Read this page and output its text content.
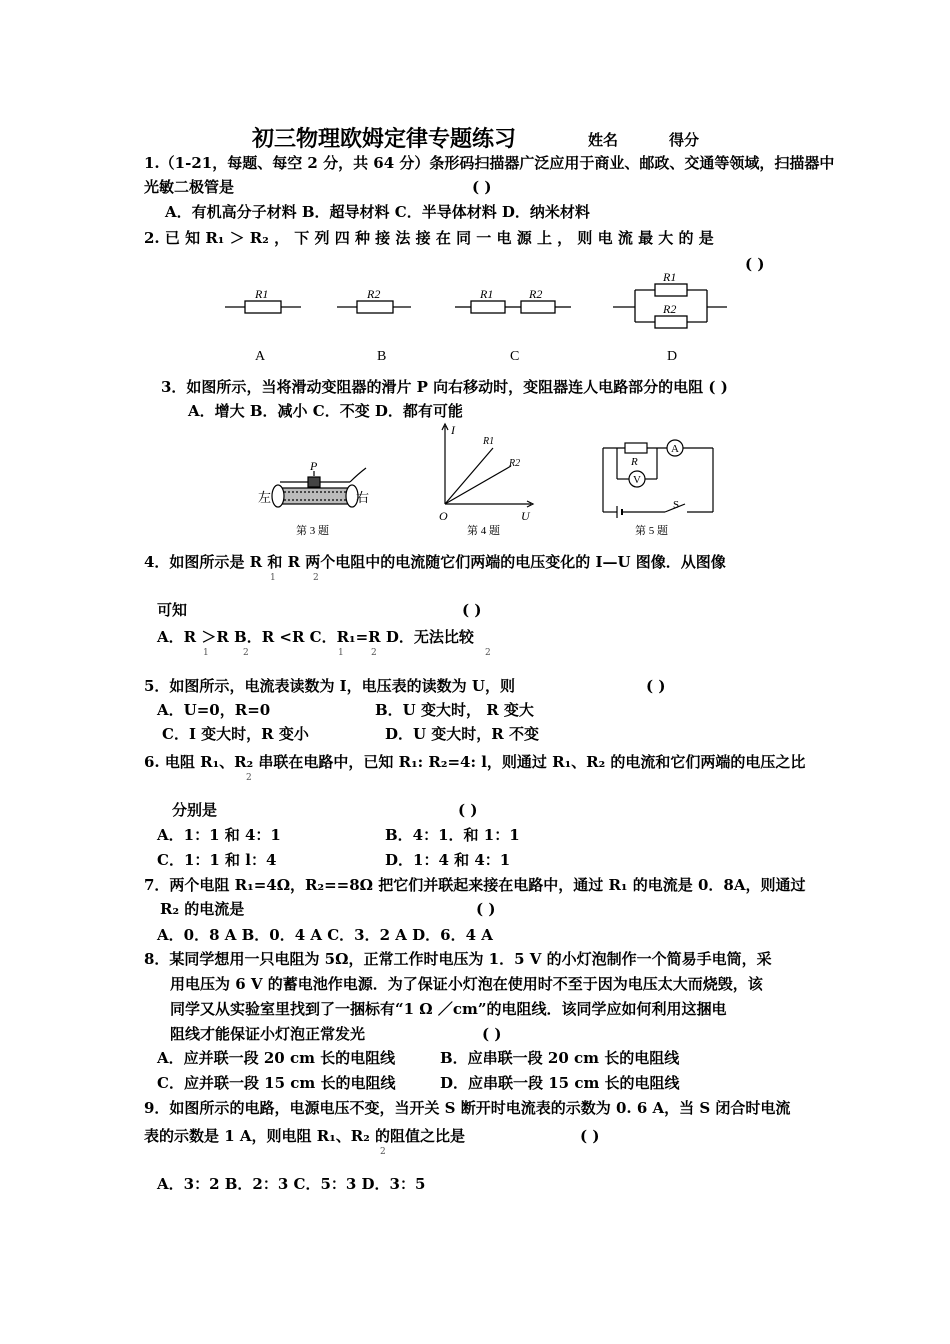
初三物理欧姆定律专题练习	姓名	得分
1.（1-21，每题、每空 2 分，共 64 分）条形码扫描器广泛应用于商业、邮政、交通等领域，扫描器中
光敏二极管是	( )
A．有机高分子材料 B．超导材料 C．半导体材料 D．纳米材料
2. 已 知 R₁ ＞ R₂ ， 下 列 四 种 接 法 接 在 同 一 电 源 上 ， 则 电 流 最 大 的 是
( )
R1	R2	R1	R2
R1
R2
A	B	C	D
3．如图所示，当将滑动变阻器的滑片 P 向右移动时，变阻器连人电路部分的电阻 ( )
A．增大 B．减小 C．不变 D．都有可能
P
左	右
第 3 题
I
U
O
R1
R2
第 4 题
R
A
V
S
第 5 题
4．如图所示是 R 和 R 两个电阻中的电流随它们两端的电压变化的 I—U 图像．从图像
1	2
可知	( )
A．R ＞R B．R <R C．R₁=R D．无法比较
1	2	1	2	2
5．如图所示，电流表读数为 I，电压表的读数为 U，则	( )
A．U=0，R=0	B．U 变大时， R 变大
C．I 变大时，R 变小	D．U 变大时，R 不变
6. 电阻 R₁、R₂ 串联在电路中，已知 R₁: R₂=4: l，则通过 R₁、R₂ 的电流和它们两端的电压之比
2
分别是	( )
A．1：1 和 4：1	B．4：1．和 1：1
C．1：1 和 l：4	D．1：4 和 4：1
7．两个电阻 R₁=4Ω，R₂==8Ω 把它们并联起来接在电路中，通过 R₁ 的电流是 0．8A，则通过
R₂ 的电流是	( )
A．0．8 A B．0．4 A C．3．2 A D．6．4 A
8．某同学想用一只电阻为 5Ω，正常工作时电压为 1．5 V 的小灯泡制作一个简易手电筒，采
用电压为 6 V 的蓄电池作电源．为了保证小灯泡在使用时不至于因为电压太大而烧毁，该
同学又从实验室里找到了一捆标有“1 Ω ／cm”的电阻线．该同学应如何利用这捆电
阻线才能保证小灯泡正常发光	( )
A．应并联一段 20 cm 长的电阻线	B．应串联一段 20 cm 长的电阻线
C．应并联一段 15 cm 长的电阻线	D．应串联一段 15 cm 长的电阻线
9．如图所示的电路，电源电压不变，当开关 S 断开时电流表的示数为 0. 6 A，当 S 闭合时电流
表的示数是 1 A，则电阻 R₁、R₂ 的阻值之比是
2
( )
A．3：2 B．2：3 C．5：3 D．3：5
